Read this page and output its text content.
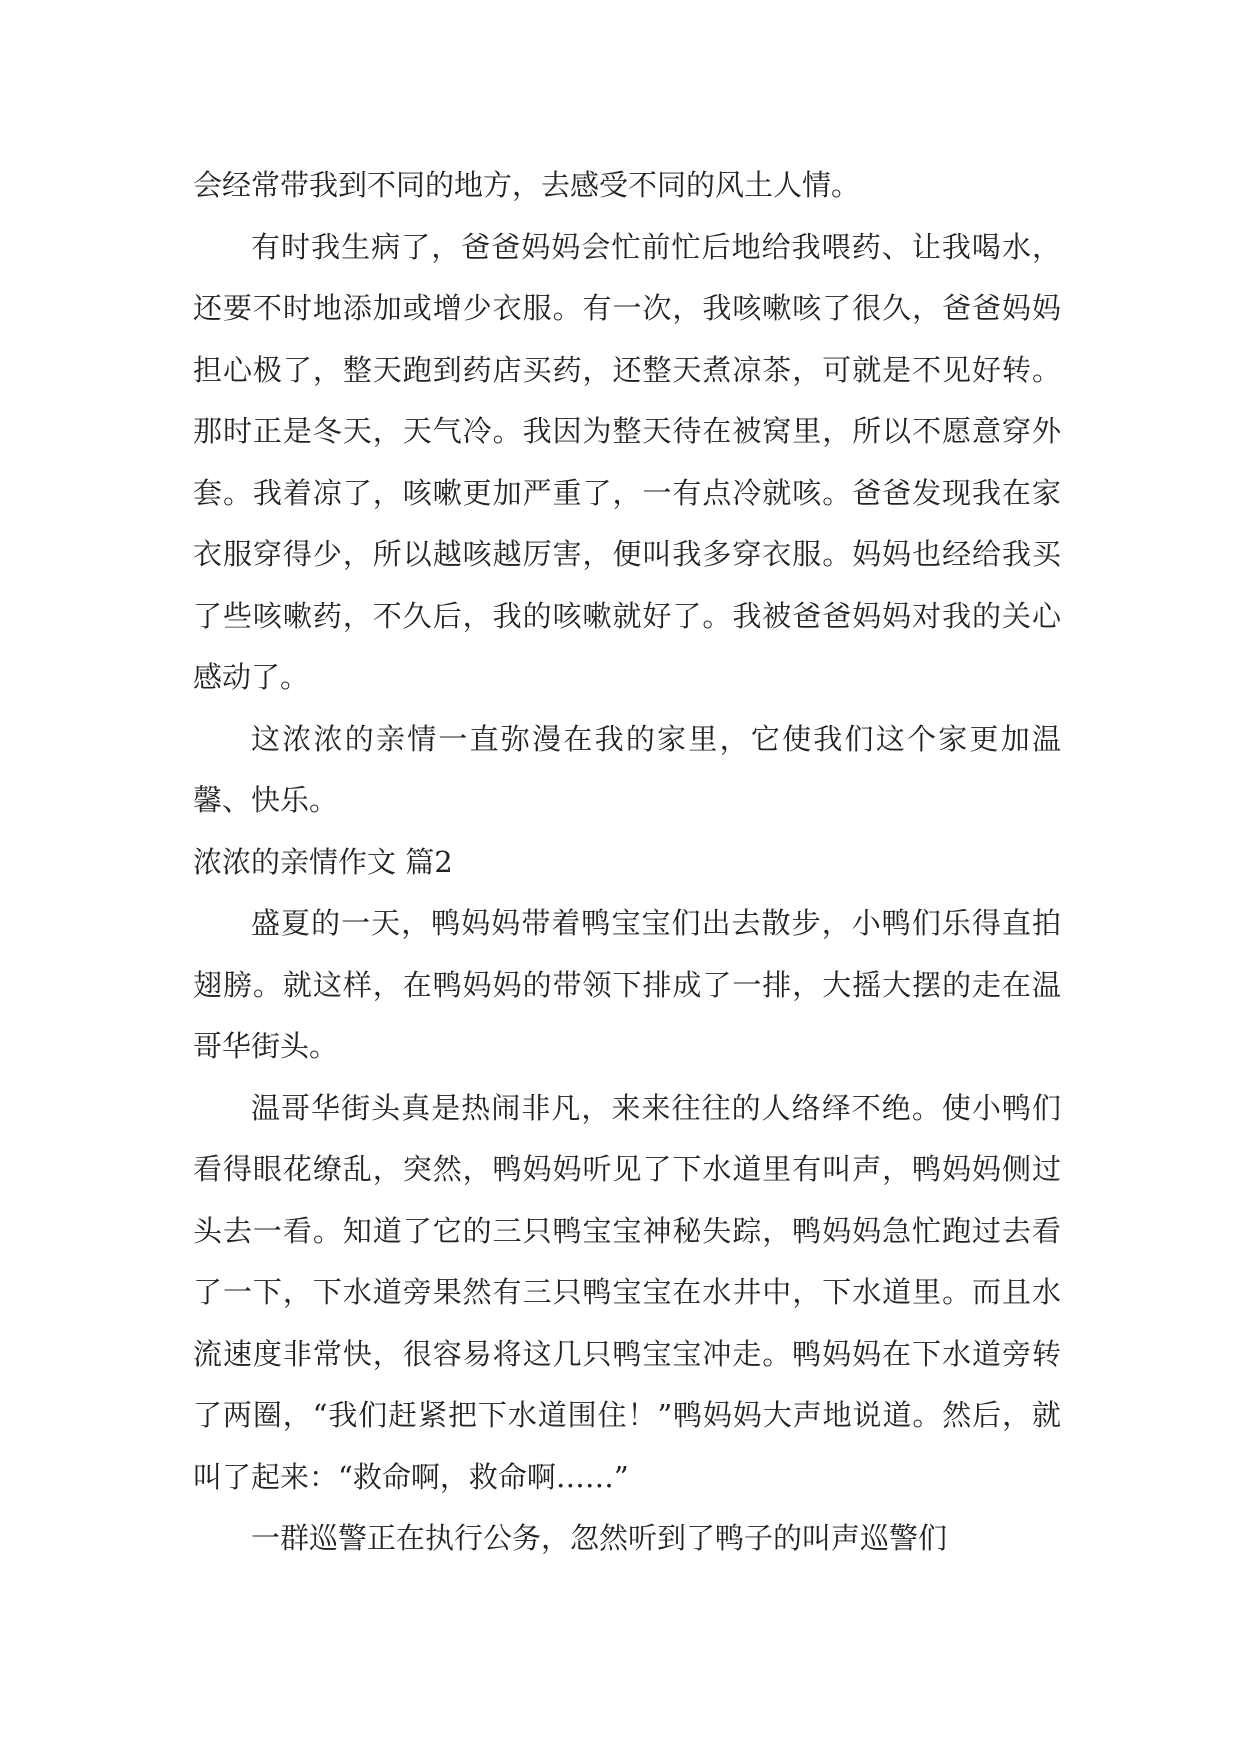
会经常带我到不同的地方，去感受不同的风土人情。

有时我生病了，爸爸妈妈会忙前忙后地给我喂药、让我喝水，还要不时地添加或增少衣服。有一次，我咳嗽咳了很久，爸爸妈妈担心极了，整天跑到药店买药，还整天煮凉茶，可就是不见好转。那时正是冬天，天气冷。我因为整天待在被窝里，所以不愿意穿外套。我着凉了，咳嗽更加严重了，一有点冷就咳。爸爸发现我在家衣服穿得少，所以越咳越厉害，便叫我多穿衣服。妈妈也经给我买了些咳嗽药，不久后，我的咳嗽就好了。我被爸爸妈妈对我的关心感动了。

这浓浓的亲情一直弥漫在我的家里，它使我们这个家更加温馨、快乐。

浓浓的亲情作文 篇2

盛夏的一天，鸭妈妈带着鸭宝宝们出去散步，小鸭们乐得直拍翅膀。就这样，在鸭妈妈的带领下排成了一排，大摇大摆的走在温哥华街头。

温哥华街头真是热闹非凡，来来往往的人络绎不绝。使小鸭们看得眼花缭乱，突然，鸭妈妈听见了下水道里有叫声，鸭妈妈侧过头去一看。知道了它的三只鸭宝宝神秘失踪，鸭妈妈急忙跑过去看了一下，下水道旁果然有三只鸭宝宝在水井中，下水道里。而且水流速度非常快，很容易将这几只鸭宝宝冲走。鸭妈妈在下水道旁转了两圈，“我们赶紧把下水道围住！”鸭妈妈大声地说道。然后，就叫了起来：“救命啊，救命啊……”

一群巡警正在执行公务，忽然听到了鸭子的叫声巡警们
